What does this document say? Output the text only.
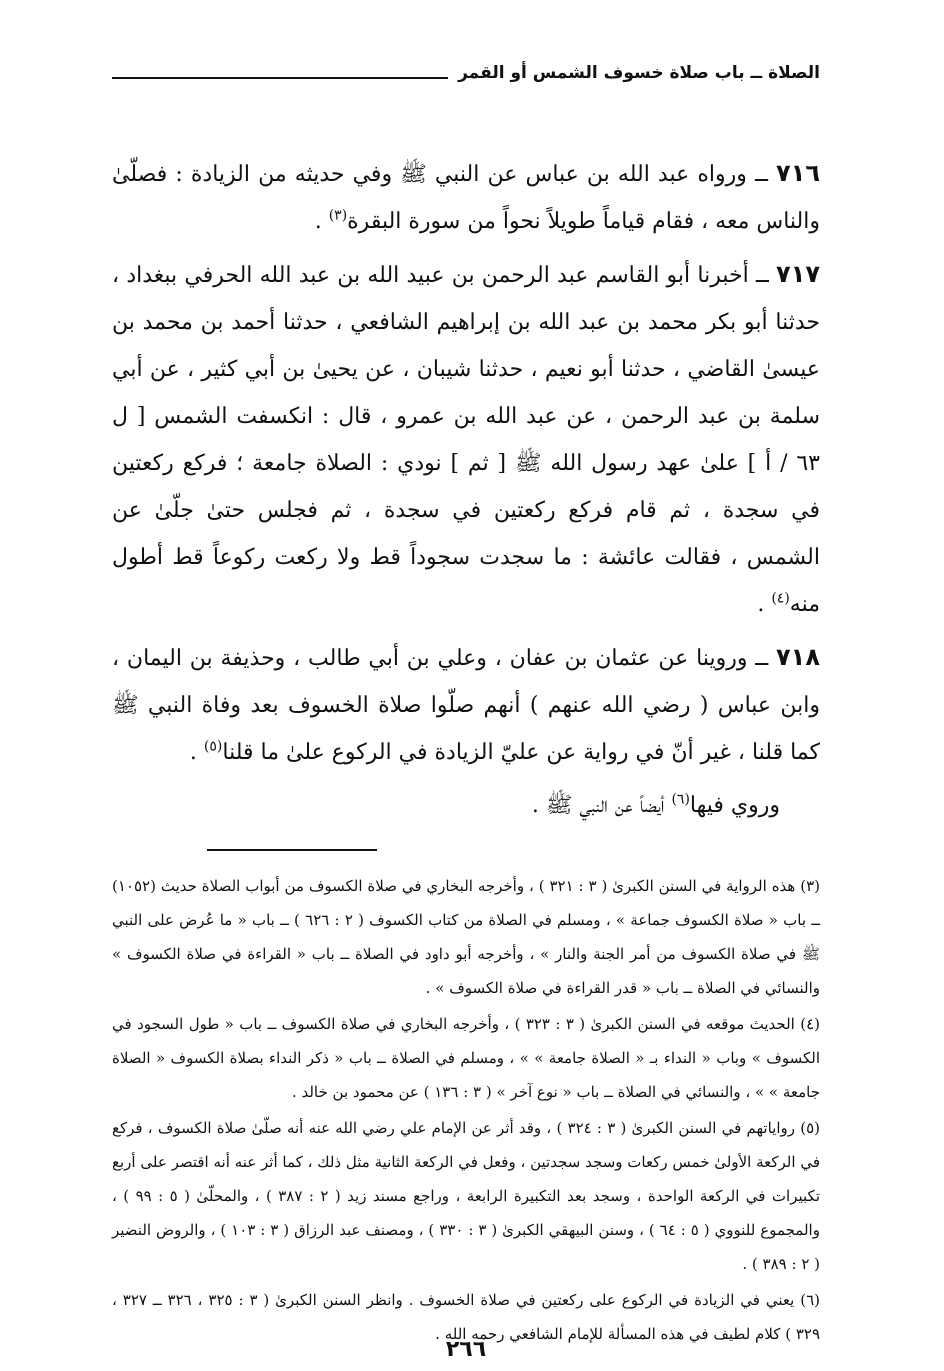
الصلاة ــ باب صلاة خسوف الشمس أو القمر

٧١٦ ــ ورواه عبد الله بن عباس عن النبي ﷺ وفي حديثه من الزيادة : فصلّىٰ والناس معه ، فقام قياماً طويلاً نحواً من سورة البقرة$^{(٣)}$ .

٧١٧ ــ أخبرنا أبو القاسم عبد الرحمن بن عبيد الله بن عبد الله الحرفي ببغداد ، حدثنا أبو بكر محمد بن عبد الله بن إبراهيم الشافعي ، حدثنا أحمد بن محمد بن عيسىٰ القاضي ، حدثنا أبو نعيم ، حدثنا شيبان ، عن يحيىٰ بن أبي كثير ، عن أبي سلمة بن عبد الرحمن ، عن عبد الله بن عمرو ، قال : انكسفت الشمس [ ل ٦٣ / أ ] علىٰ عهد رسول الله ﷺ [ ثم ] نودي : الصلاة جامعة ؛ فركع ركعتين في سجدة ، ثم قام فركع ركعتين في سجدة ، ثم فجلس حتىٰ جلّىٰ عن الشمس ، فقالت عائشة : ما سجدت سجوداً قط ولا ركعت ركوعاً قط أطول منه$^{(٤)}$ .

٧١٨ ــ وروينا عن عثمان بن عفان ، وعلي بن أبي طالب ، وحذيفة بن اليمان ، وابن عباس ( رضي الله عنهم ) أنهم صلّوا صلاة الخسوف بعد وفاة النبي ﷺ كما قلنا ، غير أنّ في رواية عن عليّ الزيادة في الركوع علىٰ ما قلنا$^{(٥)}$ .

وروي فيها$^{(٦)}$ أيضاً عن النبي ﷺ .

(٣) هذه الرواية في السنن الكبرىٰ ( ٣ : ٣٢١ ) ، وأخرجه البخاري في صلاة الكسوف من أبواب الصلاة حديث (١٠٥٢) ــ باب « صلاة الكسوف جماعة » ، ومسلم في الصلاة من كتاب الكسوف ( ٢ : ٦٢٦ ) ــ باب « ما عُرض على النبي ﷺ في صلاة الكسوف من أمر الجنة والنار » ، وأخرجه أبو داود في الصلاة ــ باب « القراءة في صلاة الكسوف » والنسائي في الصلاة ــ باب « قدر القراءة في صلاة الكسوف » .

(٤) الحديث موقعه في السنن الكبرىٰ ( ٣ : ٣٢٣ ) ، وأخرجه البخاري في صلاة الكسوف ــ باب « طول السجود في الكسوف » وباب « النداء بـ « الصلاة جامعة » » ، ومسلم في الصلاة ــ باب « ذكر النداء بصلاة الكسوف « الصلاة جامعة » » ، والنسائي في الصلاة ــ باب « نوع آخر » ( ٣ : ١٣٦ ) عن محمود بن خالد .

(٥) رواياتهم في السنن الكبرىٰ ( ٣ : ٣٢٤ ) ، وقد أثر عن الإمام علي رضي الله عنه أنه صلّىٰ صلاة الكسوف ، فركع في الركعة الأولىٰ خمس ركعات وسجد سجدتين ، وفعل في الركعة الثانية مثل ذلك ، كما أثر عنه أنه اقتصر على أربع تكبيرات في الركعة الواحدة ، وسجد بعد التكبيرة الرابعة ، وراجع مسند زيد ( ٢ : ٣٨٧ ) ، والمحلّىٰ ( ٥ : ٩٩ ) ، والمجموع للنووي ( ٥ : ٦٤ ) ، وسنن البيهقي الكبرىٰ ( ٣ : ٣٣٠ ) ، ومصنف عبد الرزاق ( ٣ : ١٠٣ ) ، والروض النضير ( ٢ : ٣٨٩ ) .

(٦) يعني في الزيادة في الركوع على ركعتين في صلاة الخسوف . وانظر السنن الكبرىٰ ( ٣ : ٣٢٥ ، ٣٢٦ ــ ٣٢٧ ، ٣٢٩ ) كلام لطيف في هذه المسألة للإمام الشافعي رحمه الله .

٢٦٦
